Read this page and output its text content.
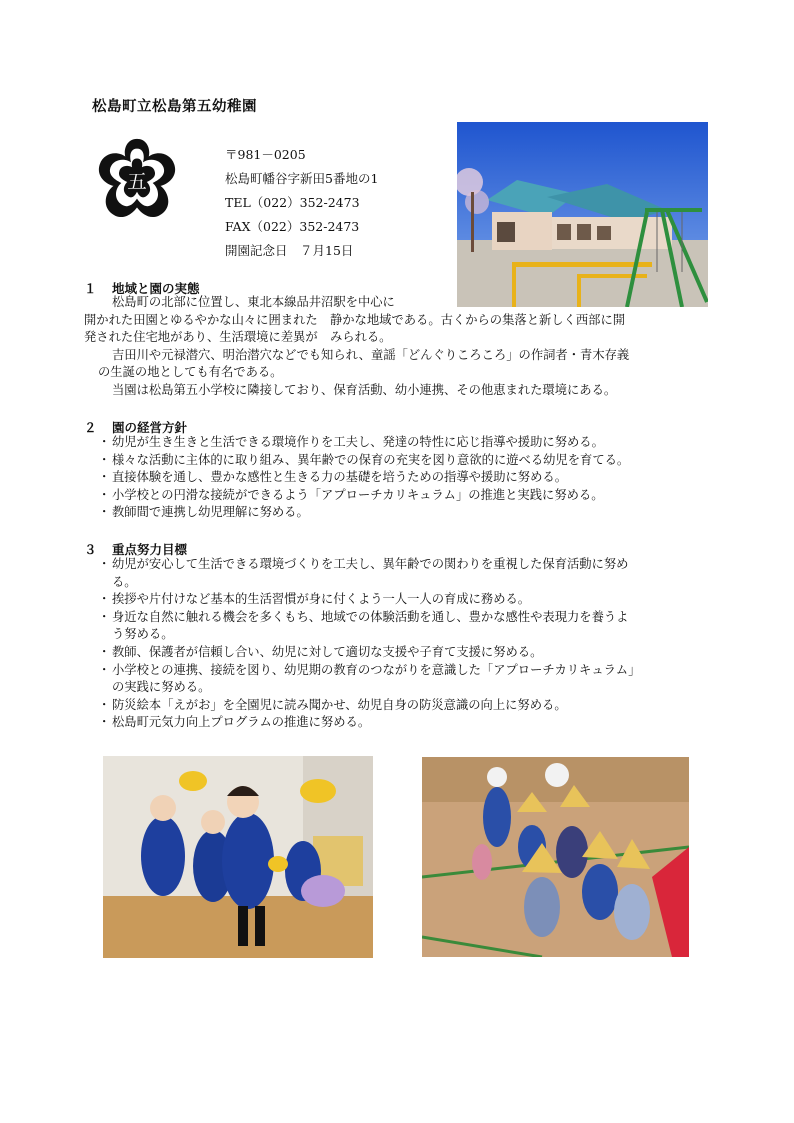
松島町立松島第五幼稚園
五
〒981－0205
松島町幡谷字新田5番地の1
TEL（022）352-2473
FAX（022）352-2473
開園記念日　７月15日
１ 地域と園の実態
松島町の北部に位置し、東北本線品井沼駅を中心に
開かれた田園とゆるやかな山々に囲まれた　静かな地域である。古くからの集落と新しく西部に開
発された住宅地があり、生活環境に差異が　みられる。
吉田川や元禄潜穴、明治潜穴などでも知られ、童謡「どんぐりころころ」の作詞者・青木存義
の生誕の地としても有名である。
当園は松島第五小学校に隣接しており、保育活動、幼小連携、その他恵まれた環境にある。
２ 園の経営方針
・ 幼児が生き生きと生活できる環境作りを工夫し、発達の特性に応じ指導や援助に努める。
・ 様々な活動に主体的に取り組み、異年齢での保育の充実を図り意欲的に遊べる幼児を育てる。
・ 直接体験を通し、豊かな感性と生きる力の基礎を培うための指導や援助に努める。
・ 小学校との円滑な接続ができるよう「アプローチカリキュラム」の推進と実践に努める。
・ 教師間で連携し幼児理解に努める。
３ 重点努力目標
・ 幼児が安心して生活できる環境づくりを工夫し、異年齢での関わりを重視した保育活動に努め
る。
・ 挨拶や片付けなど基本的生活習慣が身に付くよう一人一人の育成に務める。
・ 身近な自然に触れる機会を多くもち、地域での体験活動を通し、豊かな感性や表現力を養うよ
う努める。
・ 教師、保護者が信頼し合い、幼児に対して適切な支援や子育て支援に努める。
・ 小学校との連携、接続を図り、幼児期の教育のつながりを意識した「アプローチカリキュラム」
の実践に努める。
・ 防災絵本「えがお」を全園児に読み聞かせ、幼児自身の防災意識の向上に努める。
・ 松島町元気力向上プログラムの推進に努める。
